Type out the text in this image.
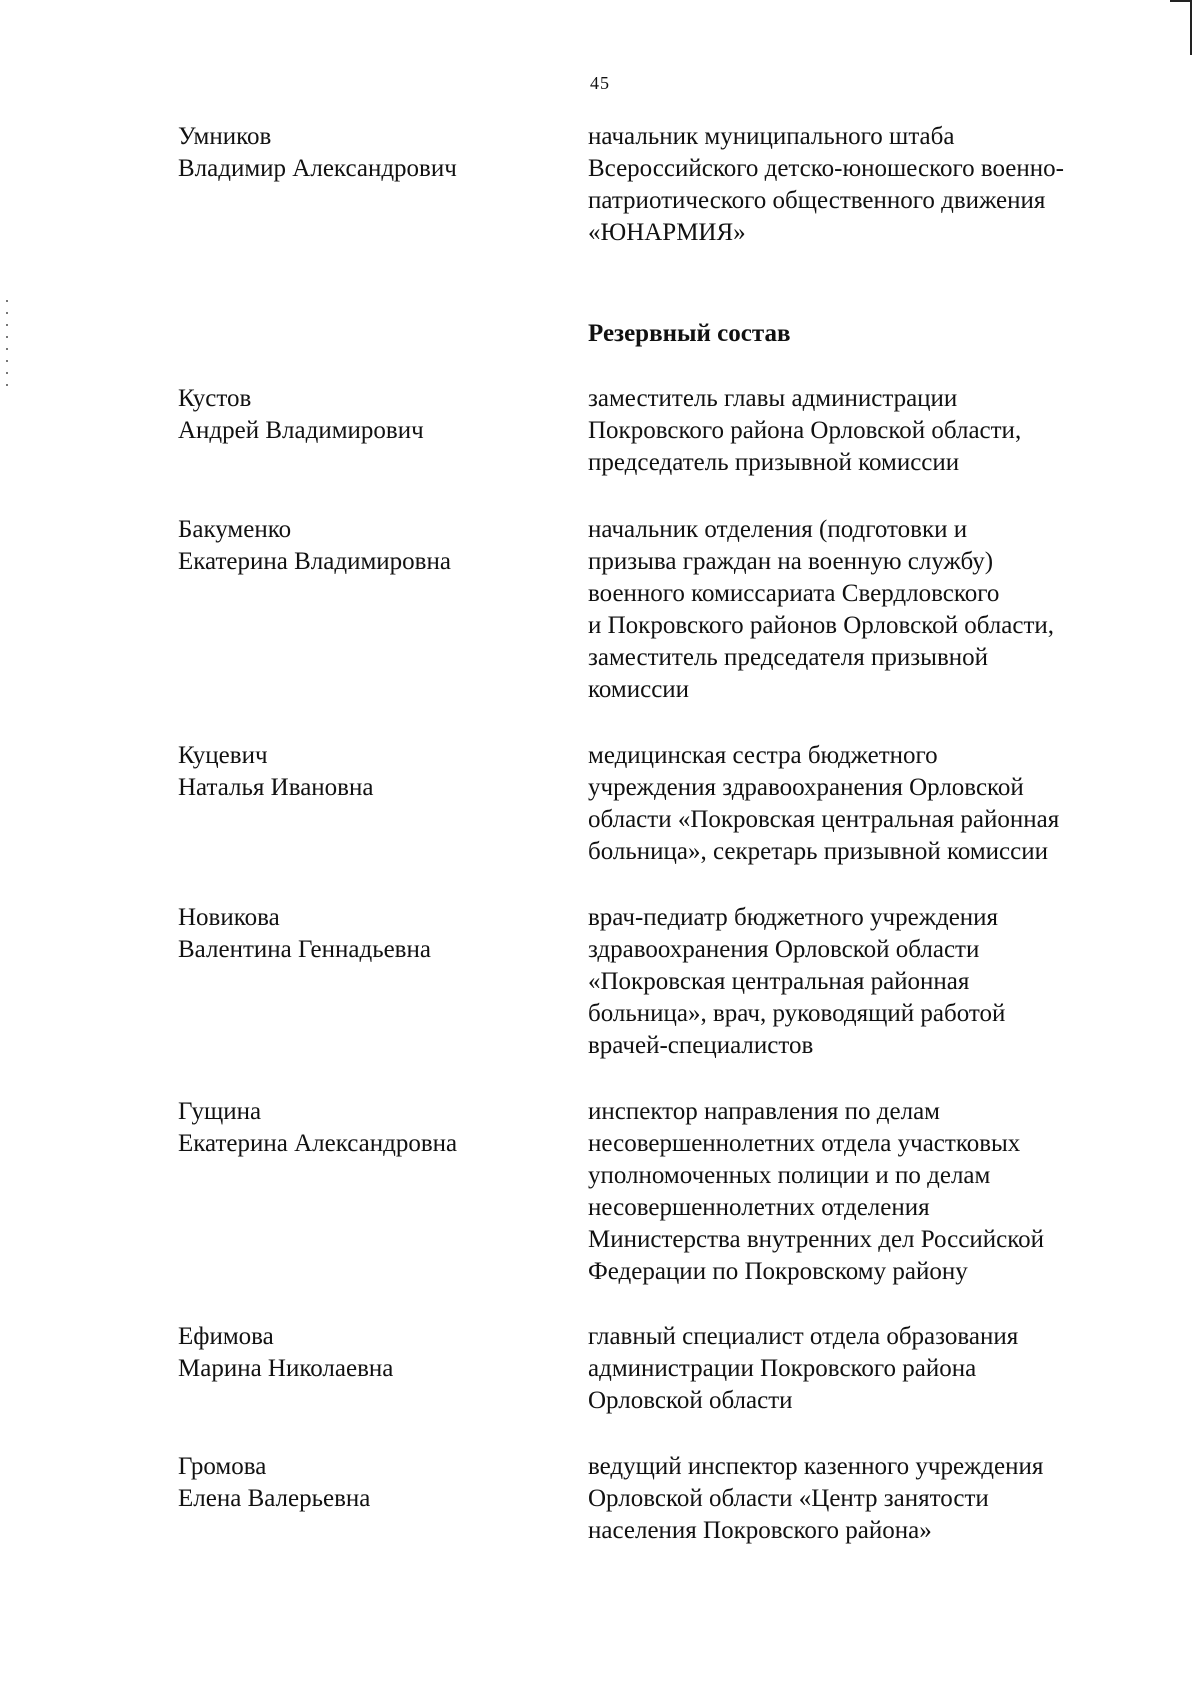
45
Умников
Владимир Александрович
начальник муниципального штаба
Всероссийского детско-юношеского военно-
патриотического общественного движения
«ЮНАРМИЯ»
Резервный состав
Кустов
Андрей Владимирович
заместитель главы администрации
Покровского района Орловской области,
председатель призывной комиссии
Бакуменко
Екатерина Владимировна
начальник отделения (подготовки и
призыва граждан на военную службу)
военного комиссариата Свердловского
и Покровского районов Орловской области,
заместитель председателя призывной
комиссии
Куцевич
Наталья Ивановна
медицинская сестра бюджетного
учреждения здравоохранения Орловской
области «Покровская центральная районная
больница», секретарь призывной комиссии
Новикова
Валентина Геннадьевна
врач-педиатр бюджетного учреждения
здравоохранения Орловской области
«Покровская центральная районная
больница», врач, руководящий работой
врачей-специалистов
Гущина
Екатерина Александровна
инспектор направления по делам
несовершеннолетних отдела участковых
уполномоченных полиции и по делам
несовершеннолетних отделения
Министерства внутренних дел Российской
Федерации по Покровскому району
Ефимова
Марина Николаевна
главный специалист отдела образования
администрации Покровского района
Орловской области
Громова
Елена Валерьевна
ведущий инспектор казенного учреждения
Орловской области «Центр занятости
населения Покровского района»
